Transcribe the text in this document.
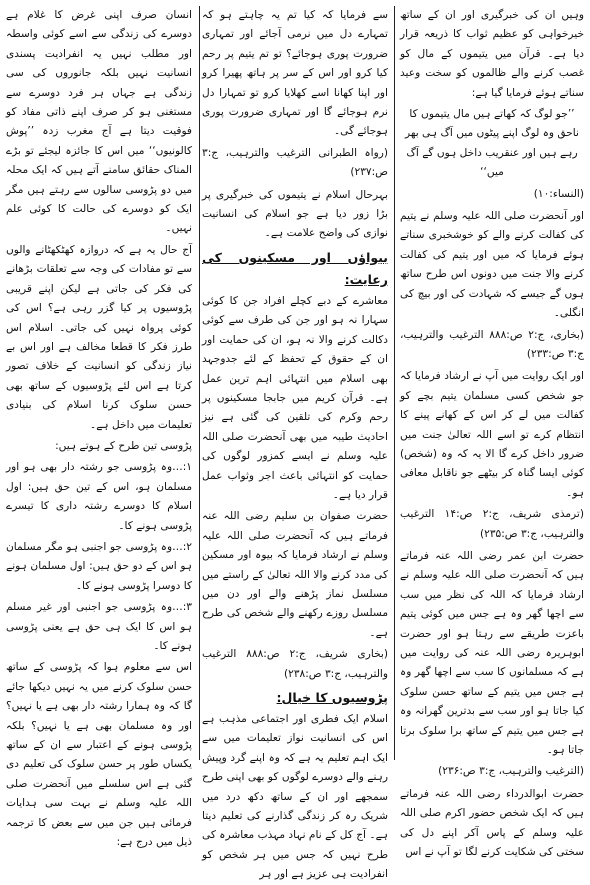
وہیں ان کی خبرگیری اور ان کے ساتھ خیرخواہی کو عظیم ثواب کا ذریعہ قرار دیا ہے۔ قرآن میں یتیموں کے مال کو غصب کرنے والے ظالموں کو سخت وعید سناتے ہوئے فرمایا گیا ہے:

’’جو لوگ کہ کھاتے ہیں مال یتیموں کا ناحق وہ لوگ اپنے پیٹوں میں آگ ہی بھر رہے ہیں اور عنقریب داخل ہوں گے آگ میں‘‘

(النساء:۱۰)

اور آنحضرت صلی اللہ علیہ وسلم نے یتیم کی کفالت کرنے والے کو خوشخبری سناتے ہوئے فرمایا کہ میں اور یتیم کی کفالت کرنے والا جنت میں دونوں اس طرح ساتھ ہوں گے جیسے کہ شہادت کی اور بیچ کی انگلی۔

(بخاری، ج:۲ ص:۸۸۸ الترغیب والترہیب، ج:۳ ص:۲۳۳)

اور ایک روایت میں آپ نے ارشاد فرمایا کہ جو شخص کسی مسلمان یتیم بچے کو کفالت میں لے کر اس کے کھانے پینے کا انتظام کرے تو اسے اللہ تعالیٰ جنت میں ضرور داخل کرے گا الا یہ کہ وہ (شخص) کوئی ایسا گناہ کر بیٹھے جو ناقابل معافی ہو۔

(ترمذی شریف، ج:۲ ص:۱۴ الترغیب والترہیب، ج:۳ ص:۲۳۵)

حضرت ابن عمر رضی اللہ عنہ فرماتے ہیں کہ آنحضرت صلی اللہ علیہ وسلم نے ارشاد فرمایا کہ اللہ کی نظر میں سب سے اچھا گھر وہ ہے جس میں کوئی یتیم باعزت طریقے سے رہتا ہو اور حضرت ابوہریرہ رضی اللہ عنہ کی روایت میں ہے کہ مسلمانوں کا سب سے اچھا گھر وہ ہے جس میں یتیم کے ساتھ حسن سلوک کیا جاتا ہو اور سب سے بدترین گھرانہ وہ ہے جس میں یتیم کے ساتھ برا سلوک برتا جاتا ہو۔

(الترغیب والترہیب، ج:۳ ص:۲۳۶)

حضرت ابوالدرداء رضی اللہ عنہ فرماتے ہیں کہ ایک شخص حضور اکرم صلی اللہ علیہ وسلم کے پاس آکر اپنے دل کی سختی کی شکایت کرنے لگا تو آپ نے اس

سے فرمایا کہ کیا تم یہ چاہتے ہو کہ تمہارے دل میں نرمی آجائے اور تمہاری ضرورت پوری ہوجائے؟ تو تم یتیم پر رحم کیا کرو اور اس کے سر پر ہاتھ پھیرا کرو اور اپنا کھانا اسے کھلایا کرو تو تمہارا دل نرم ہوجائے گا اور تمہاری ضرورت پوری ہوجائے گی۔

(رواہ الطبرانی الترغیب والترہیب، ج:۳ ص:۲۳۷)

بہرحال اسلام نے یتیموں کی خبرگیری پر بڑا زور دیا ہے جو اسلام کی انسانیت نوازی کی واضح علامت ہے۔

بیواؤں اور مسکینوں کی رعایت:

معاشرے کے دبے کچلے افراد جن کا کوئی سہارا نہ ہو اور جن کی طرف سے کوئی دکالت کرنے والا نہ ہو، ان کی حمایت اور ان کے حقوق کے تحفظ کے لئے جدوجہد بھی اسلام میں انتہائی اہم ترین عمل ہے۔ قرآن کریم میں جابجا مسکینوں پر رحم وکرم کی تلقین کی گئی ہے نیز احادیث طیبہ میں بھی آنحضرت صلی اللہ علیہ وسلم نے ایسے کمزور لوگوں کی حمایت کو انتہائی باعث اجر وثواب عمل قرار دیا ہے۔

حضرت صفوان بن سلیم رضی اللہ عنہ فرماتے ہیں کہ آنحضرت صلی اللہ علیہ وسلم نے ارشاد فرمایا کہ بیوہ اور مسکین کی مدد کرنے والا اللہ تعالیٰ کے راستے میں مسلسل نماز پڑھنے والے اور دن میں مسلسل روزے رکھنے والے شخص کی طرح ہے۔

(بخاری شریف، ج:۲ ص:۸۸۸ الترغیب والترہیب، ج:۳ ص:۲۳۸)

پڑوسیوں کا خیال:

اسلام ایک فطری اور اجتماعی مذہب ہے اس کی انسانیت نواز تعلیمات میں سے ایک اہم تعلیم یہ ہے کہ وہ اپنے گرد وپیش رہنے والے دوسرے لوگوں کو بھی اپنی طرح سمجھے اور ان کے ساتھ دکھ درد میں شریک رہ کر زندگی گذارنے کی تعلیم دیتا ہے۔ آج کل کے نام نہاد مہذب معاشرہ کی طرح نہیں کہ جس میں ہر شخص کو انفرادیت ہی عزیز ہے اور ہر

انسان صرف اپنی غرض کا غلام ہے دوسرے کی زندگی سے اسے کوئی واسطہ اور مطلب نہیں یہ انفرادیت پسندی انسانیت نہیں بلکہ جانوروں کی سی زندگی ہے جہاں ہر فرد دوسرے سے مستغنی ہو کر صرف اپنے ذاتی مفاد کو فوقیت دیتا ہے آج مغرب زدہ ’’پوش کالونیوں‘‘ میں اس کا جائزہ لیجئے تو بڑے المناک حقائق سامنے آتے ہیں کہ ایک محلہ میں دو پڑوسی سالوں سے رہتے ہیں مگر ایک کو دوسرے کی حالت کا کوئی علم نہیں۔

آج حال یہ ہے کہ دروازہ کھٹکھٹانے والوں سے تو مفادات کی وجہ سے تعلقات بڑھانے کی فکر کی جاتی ہے لیکن اپنے قریبی پڑوسیوں پر کیا گزر رہی ہے؟ اس کی کوئی پرواہ نہیں کی جاتی۔ اسلام اس طرز فکر کا قطعا مخالف ہے اور اس بے نیاز زندگی کو انسانیت کے خلاف تصور کرتا ہے اس لئے پڑوسیوں کے ساتھ بھی حسن سلوک کرنا اسلام کی بنیادی تعلیمات میں داخل ہے۔

پڑوسی تین طرح کے ہوتے ہیں:

۱:…وہ پڑوسی جو رشتہ دار بھی ہو اور مسلمان ہو، اس کے تین حق ہیں: اول اسلام کا دوسرے رشتہ داری کا تیسرے پڑوسی ہونے کا۔

۲:…وہ پڑوسی جو اجنبی ہو مگر مسلمان ہو اس کے دو حق ہیں: اول مسلمان ہونے کا دوسرا پڑوسی ہونے کا۔

۳:…وہ پڑوسی جو اجنبی اور غیر مسلم ہو اس کا ایک ہی حق ہے یعنی پڑوسی ہونے کا۔

اس سے معلوم ہوا کہ پڑوسی کے ساتھ حسن سلوک کرنے میں یہ نہیں دیکھا جائے گا کہ وہ ہمارا رشتہ دار بھی ہے یا نہیں؟ اور وہ مسلمان بھی ہے یا نہیں؟ بلکہ پڑوسی ہونے کے اعتبار سے ان کے ساتھ یکساں طور پر حسن سلوک کی تعلیم دی گئی ہے اس سلسلے میں آنحضرت صلی اللہ علیہ وسلم نے بہت سی ہدایات فرمائی ہیں جن میں سے بعض کا ترجمہ ذیل میں درج ہے:
